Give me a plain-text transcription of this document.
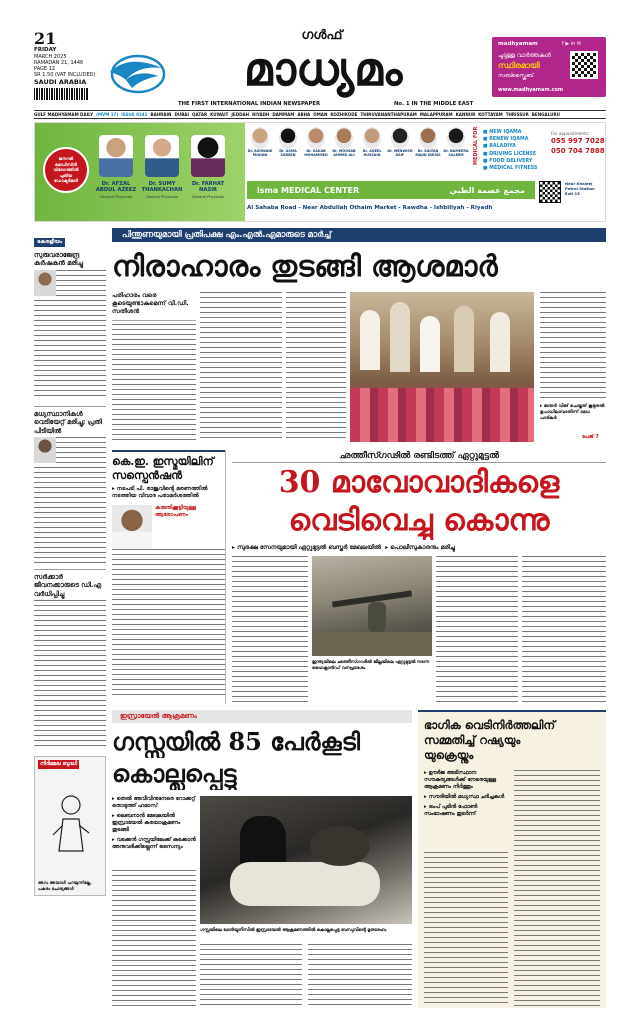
21
FRIDAY
MARCH 2025
RAMADAN 21, 1446
PAGE 12
SR 1.50 (VAT INCLUDED)
SAUDI ARABIA
ഗൾഫ്
മാധ്യമം
THE FIRST INTERNATIONAL INDIAN NEWSPAPER	No. 1 IN THE MIDDLE EAST
madhyamam	f ▶ in ✉
ചുടുള്ള വാർത്തകൾ
സ്ഥിരമായി
സബ്സ്ക്രൈബ്
www.madhyamam.com
GULF MADHYAMAM DAILY (MVM 17) ISSUE 9341 BAHRAIN DUBAI QATAR KUWAIT JEDDAH RIYADH DAMMAM ABHA OMAN KOZHIKODE THIRUVANANTHAPURAM MALAPPURAM KANNUR KOTTAYAM THRISSUR BENGALURU
ജനറൽ മെഡിസിൻ വിഭാഗത്തിൽ പുതിയ ഡോക്ടർമാർ
Dr. AFZAL ABDUL AZEEZ
General Physician
Dr. SUMY THANKACHAN
General Physician
Dr. FARHAT NASIR
General Physician
Dr. ASHWANI MOHAN
Dr. ASMA ZAREEN
Dr. SAKAB MOHAMMED
Dr. MOOSAB AHMED ALI
Dr. AQEEL HUSSAIN
Dr. MENWISH ASIF
Dr. SULTAN MAJID IDRISS
Dr. NAMEERA SALEEM	MEDICAL FOR ■ NEW IQAMA
■ RENEW IQAMA
■ BALADIYA
■ DRIVING LICENSE
■ FOOD DELIVERY
■ MEDICAL FITNESS
For appointments:
055 997 7028
050 704 7888
isma MEDICAL CENTER	مجمع عصمة الطبي
Al Sahaba Road - Near Abdullah Othaim Market - Rawdha - Ishbiliyah - Riyadh
Near Khaleej Petrol Station Exit 15
കേരളീയം
സുരുവരാജേന്ദ്ര കർഷകൻ മരിച്ചു
മധ്യസ്ഥാനികൾ വെടിയേറ്റ് മരിച്ചു; പ്രതി പിടിയിൽ
സർക്കാർ ജീവനക്കാരുടെ ഡി.എ വർധിപ്പിച്ചു
നിർമ്മല ബുദ്ധി
അറം അയാൾ പറയുന്നില്ലേ, പകരം ചോദ്യങ്ങൾ
പിന്തുണയുമായി പ്രതിപക്ഷ എം.എൽ.എമാരുടെ മാർച്ച്
നിരാഹാരം തുടങ്ങി ആശമാർ
പരിഹാരം വരെ കൂടെയുണ്ടാകുമെന്ന് വി.ഡി. സതീശൻ
▸ ജന്തർ വിങ് ചെയ്തത് കൂടുതൽ ഉപാധിലാവാതിന്ന് മേധ പാട്കർ
പേജ് 7
കെ.ഇ. ഇസ്മയിലിന് സസ്പെൻഷൻ
▸ നടപടി പി. രാജുവിന്റെ മരണത്തിൽ നടത്തിയ വിവാദ പരാമർശത്തിൽ
കരുതിക്കൂട്ടിയുള്ള ആരോപണം
ഛത്തീസ്ഗഢിൽ രണ്ടിടത്ത് ഏറ്റുമുട്ടൽ
30 മാവോവാദികളെ
വെടിവെച്ചു കൊന്നു
▸ സുരക്ഷ സേനയുമായി ഏറ്റുമുട്ടൽ ബസ്തർ മേഖലയിൽ  ▸ പൊലീസുകാരനും മരിച്ചു
ഇന്ത്യയിലെ ഛത്തീസ്ഗഢിൽ ജില്ലയിലെ ഏറ്റുമുട്ടൽ നടന്ന ഹൈക്ലാൻഡ് വനപ്രദേശം
ഇസ്രായേൽ ആക്രമണം
ഗസ്സയിൽ 85 പേർകൂടി
കൊല്ലപ്പെട്ടു
▸ തെൽ അവീവിനുനേരെ റോക്കറ്റ് തൊടുത്ത് ഹമാസ്
▸ ലെബനാൻ മേഖലയിൽ ഇസ്രായേൽ കരയാക്രമണം തുടങ്ങി
▸ വടക്കൻ ഗസ്സയിലേക്ക് കടക്കാൻ അനുവദിക്കില്ലെന്ന് സൈന്യം
ഗസ്സയിലെ ഖാൻയൂനിസിൽ ഇസ്രായേൽ ആക്രമണത്തിൽ കൊല്ലപ്പെട്ട ബന്ധുവിന്റെ മൃതദേഹം
ഭാഗിക വെടിനിർത്തലിന്
സമ്മതിച്ച് റഷ്യയും
യുക്രെയ്നും
▸ ഊർജ അടിസ്ഥാന സൗകര്യങ്ങൾക്ക് നേരെയുള്ള ആക്രമണം നിർത്തും
▸ സൗദിയിൽ മധ്യസ്ഥ ചർച്ചകൾ
▸ ട്രംപ് പുടിൻ ഫോൺ സംഭാഷണം തുടർന്ന്
